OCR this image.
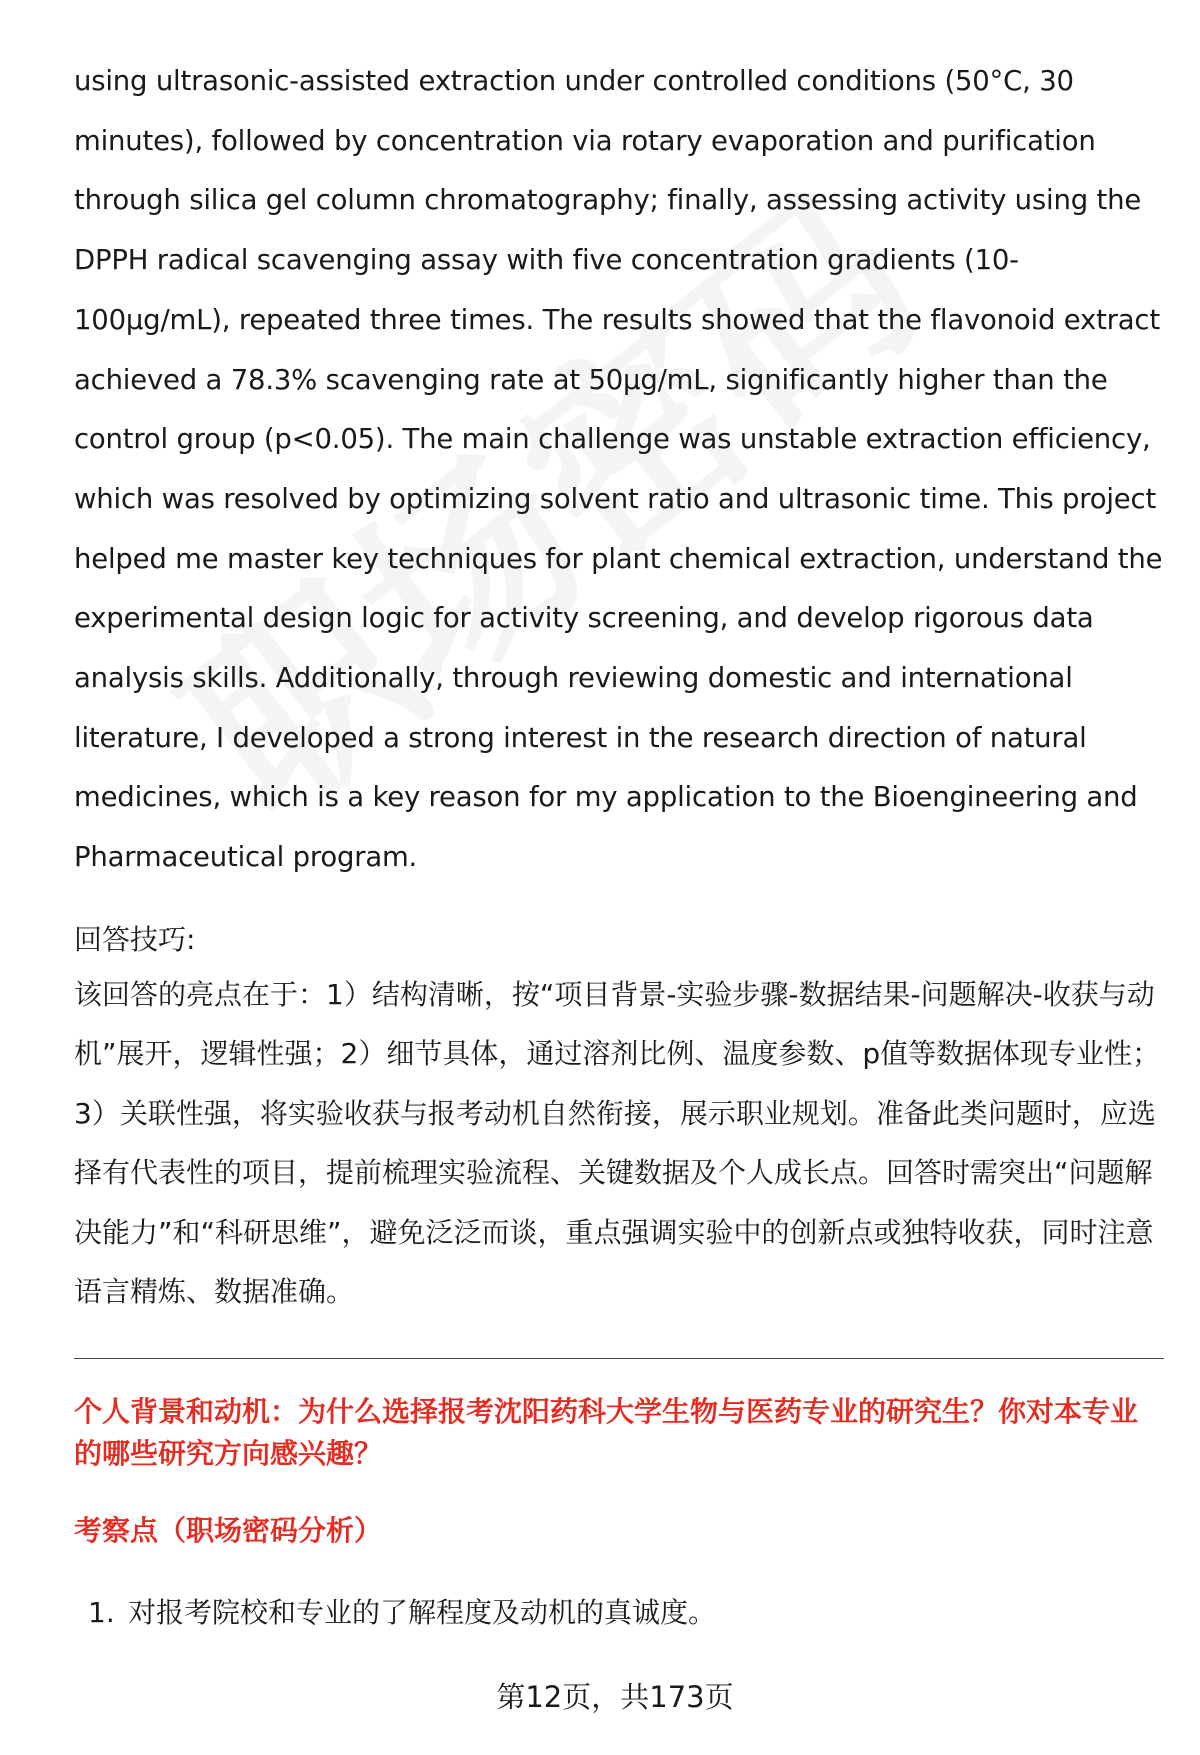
using ultrasonic-assisted extraction under controlled conditions (50°C, 30 minutes), followed by concentration via rotary evaporation and purification through silica gel column chromatography; finally, assessing activity using the DPPH radical scavenging assay with five concentration gradients (10-100μg/mL), repeated three times. The results showed that the flavonoid extract achieved a 78.3% scavenging rate at 50μg/mL, significantly higher than the control group (p<0.05). The main challenge was unstable extraction efficiency, which was resolved by optimizing solvent ratio and ultrasonic time. This project helped me master key techniques for plant chemical extraction, understand the experimental design logic for activity screening, and develop rigorous data analysis skills. Additionally, through reviewing domestic and international literature, I developed a strong interest in the research direction of natural medicines, which is a key reason for my application to the Bioengineering and Pharmaceutical program.

回答技巧:

该回答的亮点在于：1）结构清晰，按“项目背景-实验步骤-数据结果-问题解决-收获与动机”展开，逻辑性强；2）细节具体，通过溶剂比例、温度参数、p值等数据体现专业性；3）关联性强，将实验收获与报考动机自然衔接，展示职业规划。准备此类问题时，应选择有代表性的项目，提前梳理实验流程、关键数据及个人成长点。回答时需突出“问题解决能力”和“科研思维”，避免泛泛而谈，重点强调实验中的创新点或独特收获，同时注意语言精炼、数据准确。

个人背景和动机：为什么选择报考沈阳药科大学生物与医药专业的研究生？你对本专业的哪些研究方向感兴趣？
考察点（职场密码分析）
1. 对报考院校和专业的了解程度及动机的真诚度。
第12页，共173页
